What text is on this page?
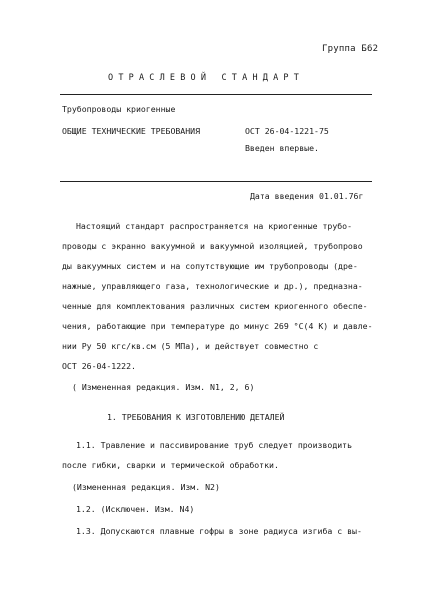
Группа Б62
ОТРАСЛЕВОЙ СТАНДАРТ
Трубопроводы криогенные
ОБЩИЕ ТЕХНИЧЕСКИЕ ТРЕБОВАНИЯ	ОСТ 26-04-1221-75
Введен впервые.
Дата введения 01.01.76г
Настоящий стандарт распространяется на криогенные трубо-
проводы с экранно вакуумной и вакуумной изоляцией, трубопрово
ды вакуумных систем и на сопутствующие им трубопроводы (дре-
нажные, управляющего газа, технологические и др.), предназна-
ченные для комплектования различных систем криогенного обеспе-
чения, работающие при температуре до минус 269 °С(4 К) и давле-
нии Рy 50 кгс/кв.см (5 МПа), и действует совместно с
ОСТ 26-04-1222.
( Измененная редакция. Изм. N1, 2, 6)
1. ТРЕБОВАНИЯ К ИЗГОТОВЛЕНИЮ ДЕТАЛЕЙ
1.1. Травление и пассивирование труб следует производить
после гибки, сварки и термической обработки.
(Измененная редакция. Изм. N2)
1.2. (Исключен. Изм. N4)
1.3. Допускаются плавные гофры в зоне радиуса изгиба с вы-
